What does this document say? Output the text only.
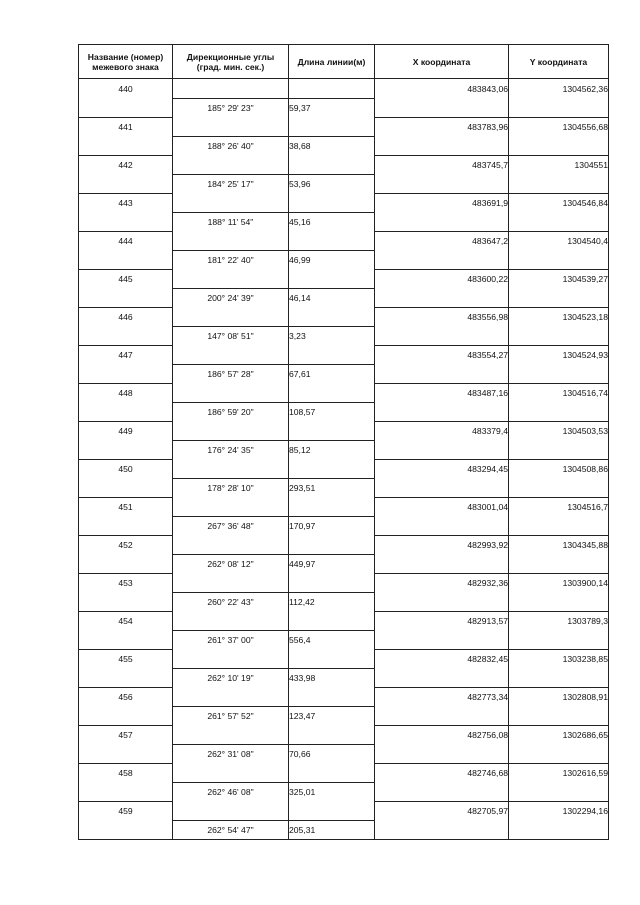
Название (номер) межевого знака	Дирекционные углы (град. мин. сек.)	Длина линии(м)	X координата	Y координата
440			483843,06	1304562,36
	185° 29' 23"	59,37		
441			483783,96	1304556,68
	188° 26' 40"	38,68		
442			483745,7	1304551
	184° 25' 17"	53,96		
443			483691,9	1304546,84
	188° 11' 54"	45,16		
444			483647,2	1304540,4
	181° 22' 40"	46,99		
445			483600,22	1304539,27
	200° 24' 39"	46,14		
446			483556,98	1304523,18
	147° 08' 51"	3,23		
447			483554,27	1304524,93
	186° 57' 28"	67,61		
448			483487,16	1304516,74
	186° 59' 20"	108,57		
449			483379,4	1304503,53
	176° 24' 35"	85,12		
450			483294,45	1304508,86
	178° 28' 10"	293,51		
451			483001,04	1304516,7
	267° 36' 48"	170,97		
452			482993,92	1304345,88
	262° 08' 12"	449,97		
453			482932,36	1303900,14
	260° 22' 43"	112,42		
454			482913,57	1303789,3
	261° 37' 00"	556,4		
455			482832,45	1303238,85
	262° 10' 19"	433,98		
456			482773,34	1302808,91
	261° 57' 52"	123,47		
457			482756,08	1302686,65
	262° 31' 08"	70,66		
458			482746,68	1302616,59
	262° 46' 08"	325,01		
459			482705,97	1302294,16
	262° 54' 47"	205,31		
